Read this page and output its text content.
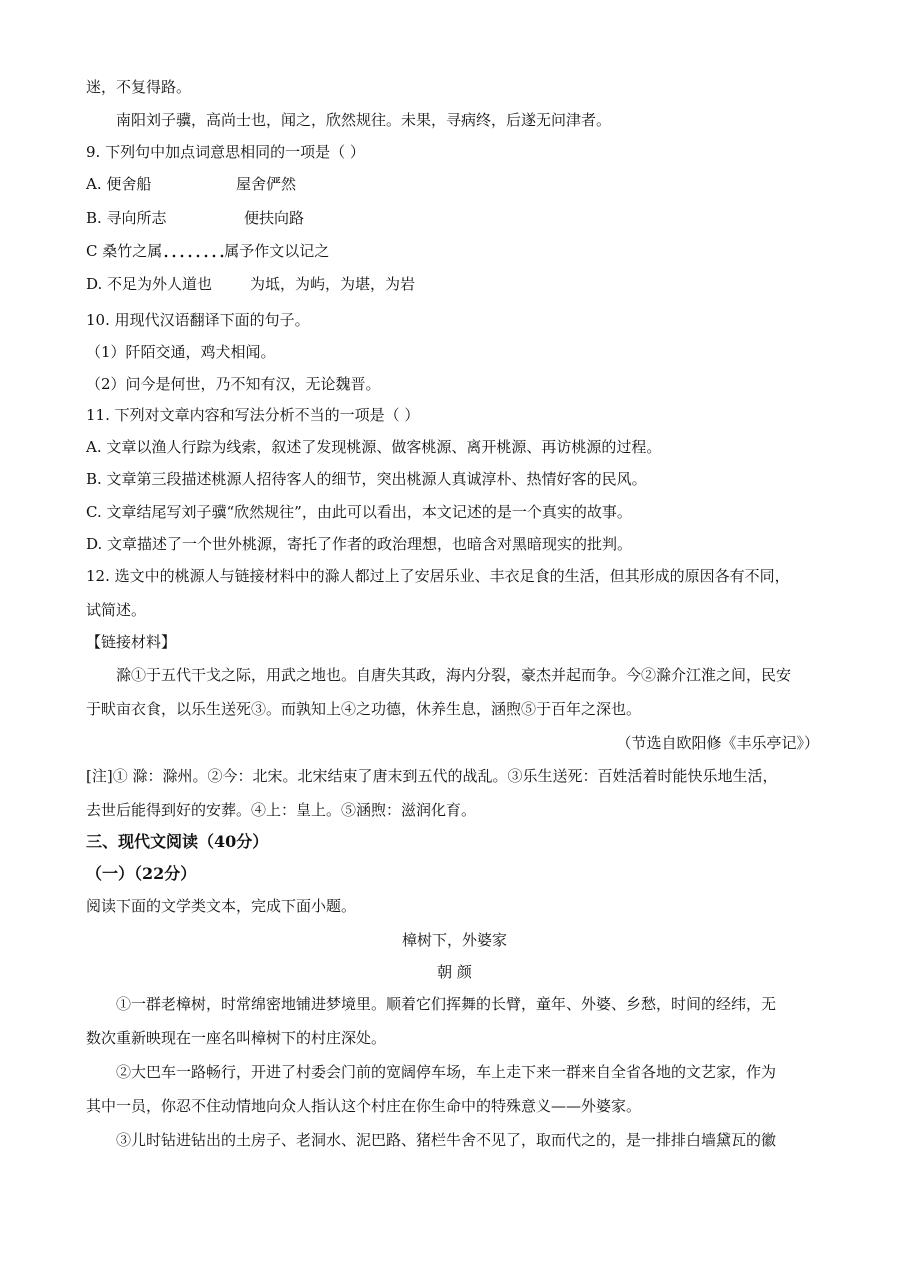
迷，不复得路。
南阳刘子骥，高尚士也，闻之，欣然规往。未果，寻病终，后遂无问津者。
9. 下列句中加点词意思相同的一项是（ ）
A. 便舍船	屋舍俨然
B. 寻向所志	便扶向路
C 桑竹之属	属予作文以记之
D. 不足为外人道也	为坻，为屿，为堪，为岩
10. 用现代汉语翻译下面的句子。
（1）阡陌交通，鸡犬相闻。
（2）问今是何世，乃不知有汉，无论魏晋。
11. 下列对文章内容和写法分析不当的一项是（ ）
A. 文章以渔人行踪为线索，叙述了发现桃源、做客桃源、离开桃源、再访桃源的过程。
B. 文章第三段描述桃源人招待客人的细节，突出桃源人真诚淳朴、热情好客的民风。
C. 文章结尾写刘子骥“欣然规往”，由此可以看出，本文记述的是一个真实的故事。
D. 文章描述了一个世外桃源，寄托了作者的政治理想，也暗含对黑暗现实的批判。
12. 选文中的桃源人与链接材料中的滁人都过上了安居乐业、丰衣足食的生活，但其形成的原因各有不同，
试简述。
【链接材料】
滁①于五代干戈之际，用武之地也。自唐失其政，海内分裂，豪杰并起而争。今②滁介江淮之间，民安
于畎亩衣食，以乐生送死③。而孰知上④之功德，休养生息，涵煦⑤于百年之深也。
（节选自欧阳修《丰乐亭记》）
[注]① 滁：滁州。②今：北宋。北宋结束了唐末到五代的战乱。③乐生送死：百姓活着时能快乐地生活，
去世后能得到好的安葬。④上：皇上。⑤涵煦：滋润化育。
三、现代文阅读（40分）
（一）（22分）
阅读下面的文学类文本，完成下面小题。
樟树下，外婆家
朝 颜
①一群老樟树，时常绵密地铺进梦境里。顺着它们挥舞的长臂，童年、外婆、乡愁，时间的经纬，无
数次重新映现在一座名叫樟树下的村庄深处。
②大巴车一路畅行，开进了村委会门前的宽阔停车场，车上走下来一群来自全省各地的文艺家，作为
其中一员，你忍不住动情地向众人指认这个村庄在你生命中的特殊意义——外婆家。
③儿时钻进钻出的土房子、老洞水、泥巴路、猪栏牛舍不见了，取而代之的，是一排排白墙黛瓦的徽
